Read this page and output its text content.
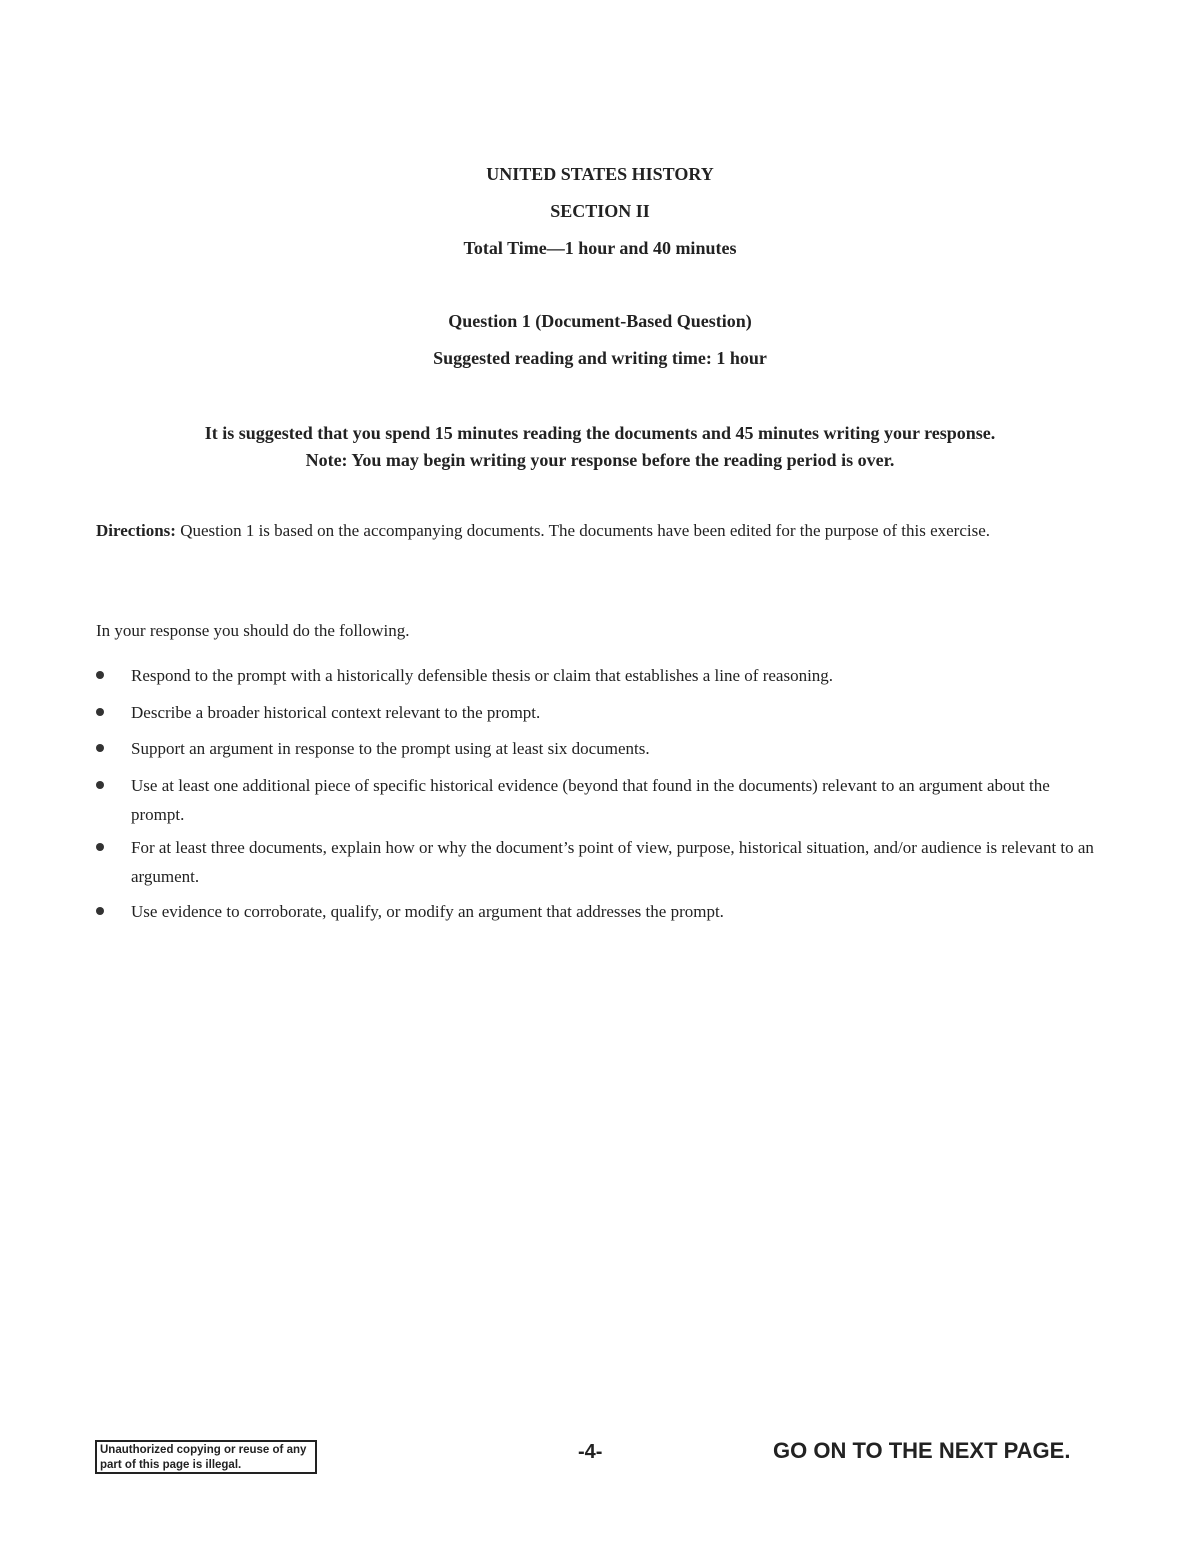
UNITED STATES HISTORY
SECTION II
Total Time—1 hour and 40 minutes
Question 1 (Document-Based Question)
Suggested reading and writing time: 1 hour
It is suggested that you spend 15 minutes reading the documents and 45 minutes writing your response.
Note: You may begin writing your response before the reading period is over.
Directions: Question 1 is based on the accompanying documents. The documents have been edited for the purpose of this exercise.
In your response you should do the following.
Respond to the prompt with a historically defensible thesis or claim that establishes a line of reasoning.
Describe a broader historical context relevant to the prompt.
Support an argument in response to the prompt using at least six documents.
Use at least one additional piece of specific historical evidence (beyond that found in the documents) relevant to an argument about the prompt.
For at least three documents, explain how or why the document’s point of view, purpose, historical situation, and/or audience is relevant to an argument.
Use evidence to corroborate, qualify, or modify an argument that addresses the prompt.
Unauthorized copying or reuse of any part of this page is illegal.
-4-	GO ON TO THE NEXT PAGE.
